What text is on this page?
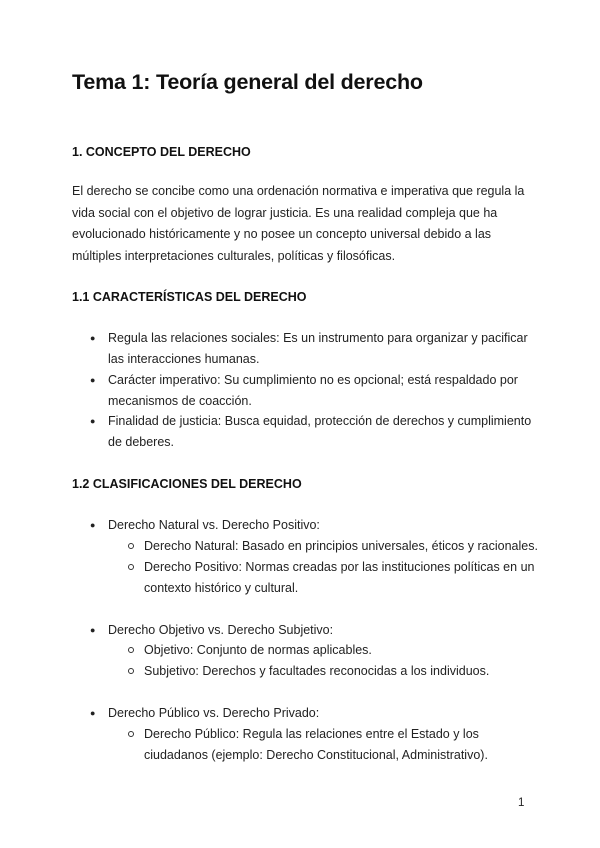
Tema 1: Teoría general del derecho
1. CONCEPTO DEL DERECHO

El derecho se concibe como una ordenación normativa e imperativa que regula la

vida social con el objetivo de lograr justicia. Es una realidad compleja que ha

evolucionado históricamente y no posee un concepto universal debido a las

múltiples interpretaciones culturales, políticas y filosóficas.

1.1 CARACTERÍSTICAS DEL DERECHO
● Regula las relaciones sociales: Es un instrumento para organizar y pacificar
las interacciones humanas.
● Carácter imperativo: Su cumplimiento no es opcional; está respaldado por
mecanismos de coacción.
● Finalidad de justicia: Busca equidad, protección de derechos y cumplimiento
de deberes.
1.2 CLASIFICACIONES DEL DERECHO
● Derecho Natural vs. Derecho Positivo:
Derecho Natural: Basado en principios universales, éticos y racionales.
Derecho Positivo: Normas creadas por las instituciones políticas en un
contexto histórico y cultural.
● Derecho Objetivo vs. Derecho Subjetivo:
Objetivo: Conjunto de normas aplicables.
Subjetivo: Derechos y facultades reconocidas a los individuos.
● Derecho Público vs. Derecho Privado:
Derecho Público: Regula las relaciones entre el Estado y los
ciudadanos (ejemplo: Derecho Constitucional, Administrativo).
1
